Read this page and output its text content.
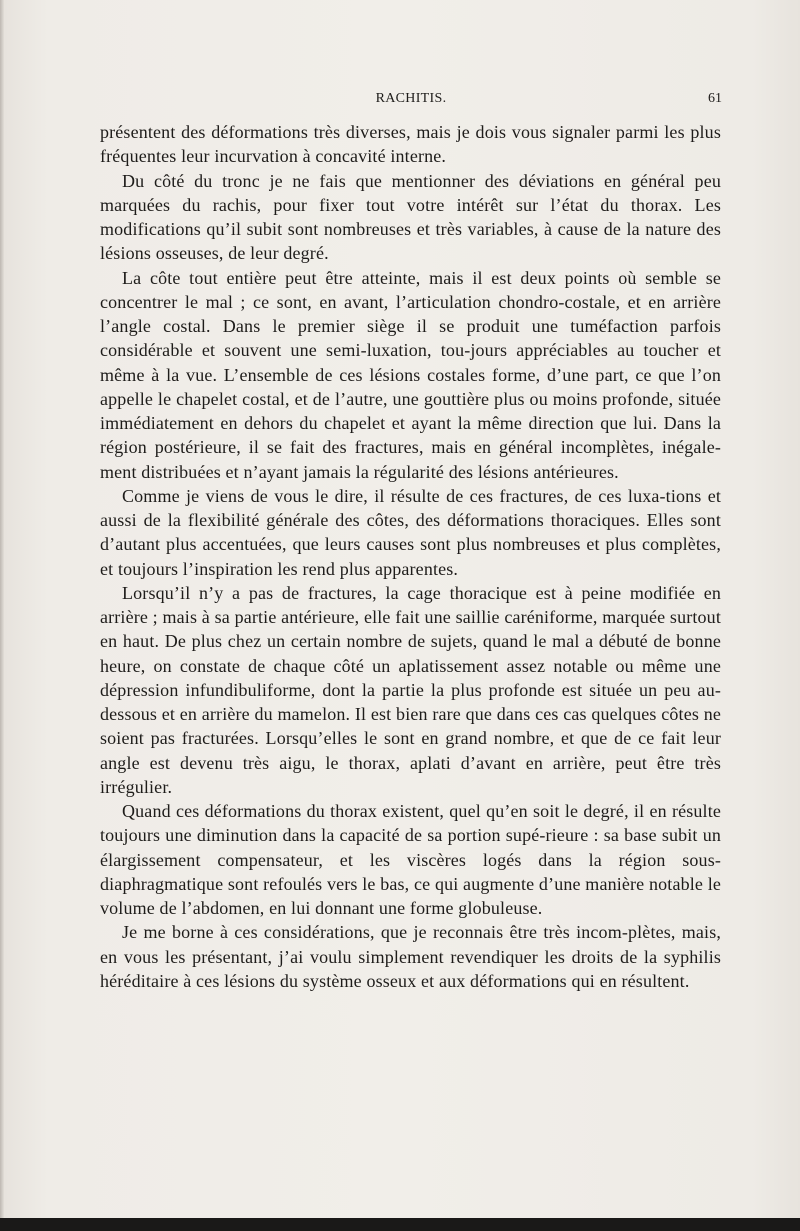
RACHITIS.	61

présentent des déformations très diverses, mais je dois vous signaler parmi les plus fréquentes leur incurvation à concavité interne.

Du côté du tronc je ne fais que mentionner des déviations en général peu marquées du rachis, pour fixer tout votre intérêt sur l’état du thorax. Les modifications qu’il subit sont nombreuses et très variables, à cause de la nature des lésions osseuses, de leur degré.

La côte tout entière peut être atteinte, mais il est deux points où semble se concentrer le mal ; ce sont, en avant, l’articulation chondro-costale, et en arrière l’angle costal. Dans le premier siège il se produit une tuméfaction parfois considérable et souvent une semi-luxation, tou-jours appréciables au toucher et même à la vue. L’ensemble de ces lésions costales forme, d’une part, ce que l’on appelle le chapelet costal, et de l’autre, une gouttière plus ou moins profonde, située immédiatement en dehors du chapelet et ayant la même direction que lui. Dans la région postérieure, il se fait des fractures, mais en général incomplètes, inégale-ment distribuées et n’ayant jamais la régularité des lésions antérieures.

Comme je viens de vous le dire, il résulte de ces fractures, de ces luxa-tions et aussi de la flexibilité générale des côtes, des déformations thoraciques. Elles sont d’autant plus accentuées, que leurs causes sont plus nombreuses et plus complètes, et toujours l’inspiration les rend plus apparentes.

Lorsqu’il n’y a pas de fractures, la cage thoracique est à peine modifiée en arrière ; mais à sa partie antérieure, elle fait une saillie caréniforme, marquée surtout en haut. De plus chez un certain nombre de sujets, quand le mal a débuté de bonne heure, on constate de chaque côté un aplatissement assez notable ou même une dépression infundibuliforme, dont la partie la plus profonde est située un peu au-dessous et en arrière du mamelon. Il est bien rare que dans ces cas quelques côtes ne soient pas fracturées. Lorsqu’elles le sont en grand nombre, et que de ce fait leur angle est devenu très aigu, le thorax, aplati d’avant en arrière, peut être très irrégulier.

Quand ces déformations du thorax existent, quel qu’en soit le degré, il en résulte toujours une diminution dans la capacité de sa portion supé-rieure : sa base subit un élargissement compensateur, et les viscères logés dans la région sous-diaphragmatique sont refoulés vers le bas, ce qui augmente d’une manière notable le volume de l’abdomen, en lui donnant une forme globuleuse.

Je me borne à ces considérations, que je reconnais être très incom-plètes, mais, en vous les présentant, j’ai voulu simplement revendiquer les droits de la syphilis héréditaire à ces lésions du système osseux et aux déformations qui en résultent.
